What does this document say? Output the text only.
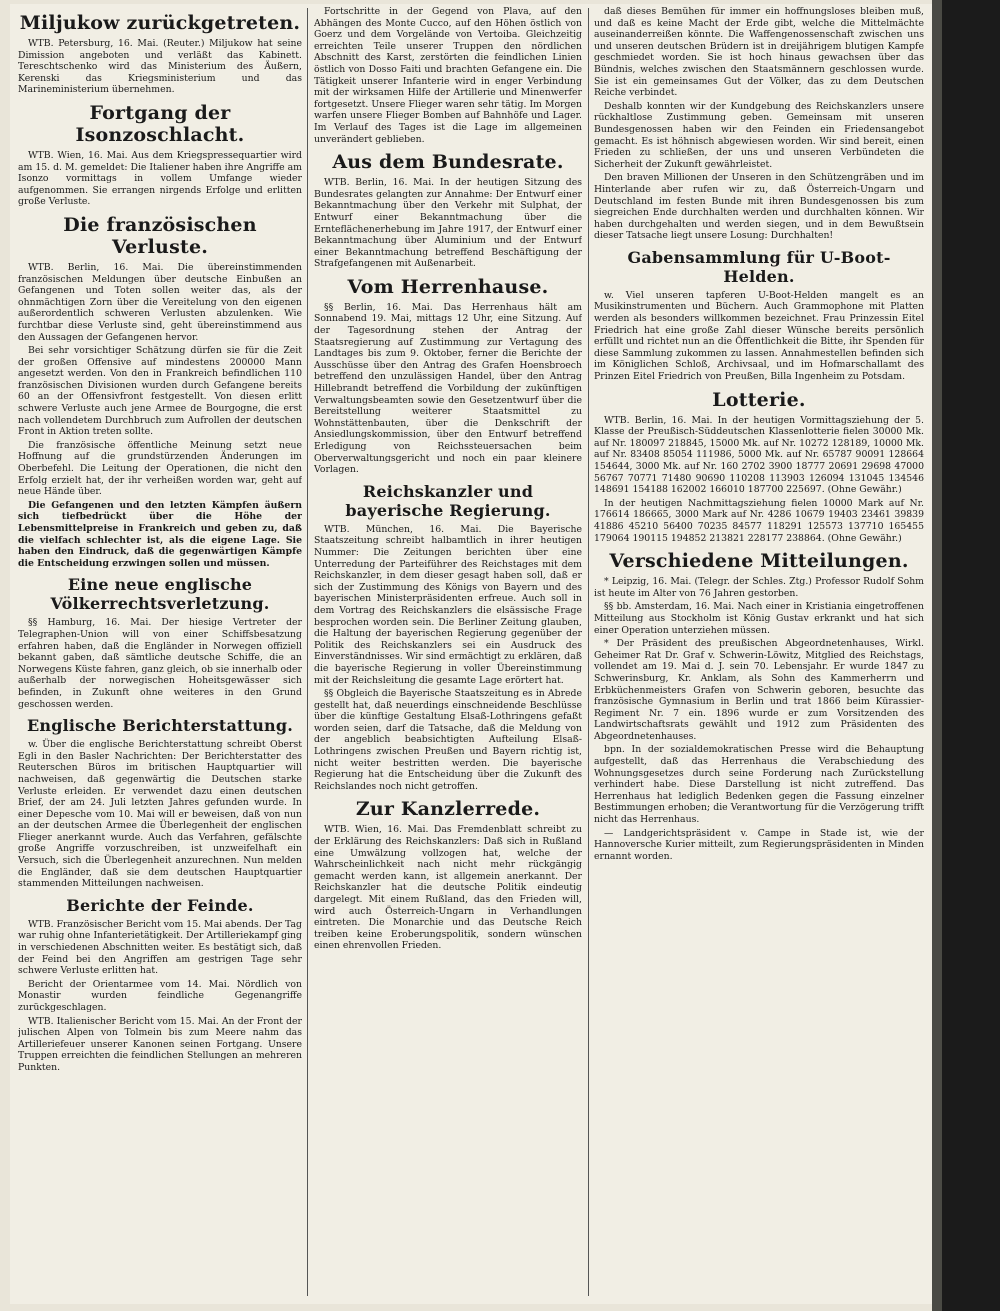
Miljukow zurückgetreten.

WTB. Petersburg, 16. Mai. (Reuter.) Miljukow hat seine Dimission angeboten und verläßt das Kabinett. Tereschtschenko wird das Ministerium des Äußern, Kerenski das Kriegsministerium und das Marineministerium übernehmen.

Fortgang der Isonzoschlacht.

WTB. Wien, 16. Mai. Aus dem Kriegspressequartier wird am 15. d. M. gemeldet: Die Italiener haben ihre Angriffe am Isonzo vormittags in vollem Umfange wieder aufgenommen. Sie errangen nirgends Erfolge und erlitten große Verluste.

Die französischen Verluste.

WTB. Berlin, 16. Mai. Die übereinstimmenden französischen Meldungen über deutsche Einbußen an Gefangenen und Toten sollen weiter das, als der ohnmächtigen Zorn über die Vereitelung von den eigenen außerordentlich schweren Verlusten abzulenken. Wie furchtbar diese Verluste sind, geht übereinstimmend aus den Aussagen der Gefangenen hervor.

Bei sehr vorsichtiger Schätzung dürfen sie für die Zeit der großen Offensive auf mindestens 200000 Mann angesetzt werden. Von den in Frankreich befindlichen 110 französischen Divisionen wurden durch Gefangene bereits 60 an der Offensivfront festgestellt. Von diesen erlitt schwere Verluste auch jene Armee de Bourgogne, die erst nach vollendetem Durchbruch zum Aufrollen der deutschen Front in Aktion treten sollte.

Die französische öffentliche Meinung setzt neue Hoffnung auf die grundstürzenden Änderungen im Oberbefehl. Die Leitung der Operationen, die nicht den Erfolg erzielt hat, der ihr verheißen worden war, geht auf neue Hände über.

Die Gefangenen und den letzten Kämpfen äußern sich tiefbedrückt über die Höhe der Lebensmittelpreise in Frankreich und geben zu, daß die vielfach schlechter ist, als die eigene Lage. Sie haben den Eindruck, daß die gegenwärtigen Kämpfe die Entscheidung erzwingen sollen und müssen.

Eine neue englische Völkerrechtsverletzung.

§§ Hamburg, 16. Mai. Der hiesige Vertreter der Telegraphen-Union will von einer Schiffsbesatzung erfahren haben, daß die Engländer in Norwegen offiziell bekannt gaben, daß sämtliche deutsche Schiffe, die an Norwegens Küste fahren, ganz gleich, ob sie innerhalb oder außerhalb der norwegischen Hoheitsgewässer sich befinden, in Zukunft ohne weiteres in den Grund geschossen werden.

Englische Berichterstattung.

w. Über die englische Berichterstattung schreibt Oberst Egli in den Basler Nachrichten: Der Berichterstatter des Reuterschen Büros im britischen Hauptquartier will nachweisen, daß gegenwärtig die Deutschen starke Verluste erleiden. Er verwendet dazu einen deutschen Brief, der am 24. Juli letzten Jahres gefunden wurde. In einer Depesche vom 10. Mai will er beweisen, daß von nun an der deutschen Armee die Überlegenheit der englischen Flieger anerkannt wurde. Auch das Verfahren, gefälschte große Angriffe vorzuschreiben, ist unzweifelhaft ein Versuch, sich die Überlegenheit anzurechnen. Nun melden die Engländer, daß sie dem deutschen Hauptquartier stammenden Mitteilungen nachweisen.

Berichte der Feinde.

WTB. Französischer Bericht vom 15. Mai abends. Der Tag war ruhig ohne Infanterietätigkeit. Der Artilleriekampf ging in verschiedenen Abschnitten weiter. Es bestätigt sich, daß der Feind bei den Angriffen am gestrigen Tage sehr schwere Verluste erlitten hat.

Bericht der Orientarmee vom 14. Mai. Nördlich von Monastir wurden feindliche Gegenangriffe zurückgeschlagen.

WTB. Italienischer Bericht vom 15. Mai. An der Front der julischen Alpen von Tolmein bis zum Meere nahm das Artilleriefeuer unserer Kanonen seinen Fortgang. Unsere Truppen erreichten die feindlichen Stellungen an mehreren Punkten.

Fortschritte in der Gegend von Plava, auf den Abhängen des Monte Cucco, auf den Höhen östlich von Goerz und dem Vorgelände von Vertoiba. Gleichzeitig erreichten Teile unserer Truppen den nördlichen Abschnitt des Karst, zerstörten die feindlichen Linien östlich von Dosso Faiti und brachten Gefangene ein. Die Tätigkeit unserer Infanterie wird in enger Verbindung mit der wirksamen Hilfe der Artillerie und Minenwerfer fortgesetzt. Unsere Flieger waren sehr tätig. Im Morgen warfen unsere Flieger Bomben auf Bahnhöfe und Lager. Im Verlauf des Tages ist die Lage im allgemeinen unverändert geblieben.

Aus dem Bundesrate.

WTB. Berlin, 16. Mai. In der heutigen Sitzung des Bundesrates gelangten zur Annahme: Der Entwurf einer Bekanntmachung über den Verkehr mit Sulphat, der Entwurf einer Bekanntmachung über die Ernteflächenerhebung im Jahre 1917, der Entwurf einer Bekanntmachung über Aluminium und der Entwurf einer Bekanntmachung betreffend Beschäftigung der Strafgefangenen mit Außenarbeit.

Vom Herrenhause.

§§ Berlin, 16. Mai. Das Herrenhaus hält am Sonnabend 19. Mai, mittags 12 Uhr, eine Sitzung. Auf der Tagesordnung stehen der Antrag der Staatsregierung auf Zustimmung zur Vertagung des Landtages bis zum 9. Oktober, ferner die Berichte der Ausschüsse über den Antrag des Grafen Hoensbroech betreffend den unzulässigen Handel, über den Antrag Hillebrandt betreffend die Vorbildung der zukünftigen Verwaltungsbeamten sowie den Gesetzentwurf über die Bereitstellung weiterer Staatsmittel zu Wohnstättenbauten, über die Denkschrift der Ansiedlungskommission, über den Entwurf betreffend Erledigung von Reichssteuersachen beim Oberverwaltungsgericht und noch ein paar kleinere Vorlagen.

Reichskanzler und bayerische Regierung.

WTB. München, 16. Mai. Die Bayerische Staatszeitung schreibt halbamtlich in ihrer heutigen Nummer: Die Zeitungen berichten über eine Unterredung der Parteiführer des Reichstages mit dem Reichskanzler, in dem dieser gesagt haben soll, daß er sich der Zustimmung des Königs von Bayern und des bayerischen Ministerpräsidenten erfreue. Auch soll in dem Vortrag des Reichskanzlers die elsässische Frage besprochen worden sein. Die Berliner Zeitung glauben, die Haltung der bayerischen Regierung gegenüber der Politik des Reichskanzlers sei ein Ausdruck des Einverständnisses. Wir sind ermächtigt zu erklären, daß die bayerische Regierung in voller Übereinstimmung mit der Reichsleitung die gesamte Lage erörtert hat.

§§ Obgleich die Bayerische Staatszeitung es in Abrede gestellt hat, daß neuerdings einschneidende Beschlüsse über die künftige Gestaltung Elsaß-Lothringens gefaßt worden seien, darf die Tatsache, daß die Meldung von der angeblich beabsichtigten Aufteilung Elsaß-Lothringens zwischen Preußen und Bayern richtig ist, nicht weiter bestritten werden. Die bayerische Regierung hat die Entscheidung über die Zukunft des Reichslandes noch nicht getroffen.

Zur Kanzlerrede.

WTB. Wien, 16. Mai. Das Fremdenblatt schreibt zu der Erklärung des Reichskanzlers: Daß sich in Rußland eine Umwälzung vollzogen hat, welche der Wahrscheinlichkeit nach nicht mehr rückgängig gemacht werden kann, ist allgemein anerkannt. Der Reichskanzler hat die deutsche Politik eindeutig dargelegt. Mit einem Rußland, das den Frieden will, wird auch Österreich-Ungarn in Verhandlungen eintreten. Die Monarchie und das Deutsche Reich treiben keine Eroberungspolitik, sondern wünschen einen ehrenvollen Frieden.

daß dieses Bemühen für immer ein hoffnungsloses bleiben muß, und daß es keine Macht der Erde gibt, welche die Mittelmächte auseinanderreißen könnte. Die Waffengenossenschaft zwischen uns und unseren deutschen Brüdern ist in dreijährigem blutigen Kampfe geschmiedet worden. Sie ist hoch hinaus gewachsen über das Bündnis, welches zwischen den Staatsmännern geschlossen wurde. Sie ist ein gemeinsames Gut der Völker, das zu dem Deutschen Reiche verbindet.

Deshalb konnten wir der Kundgebung des Reichskanzlers unsere rückhaltlose Zustimmung geben. Gemeinsam mit unseren Bundesgenossen haben wir den Feinden ein Friedensangebot gemacht. Es ist höhnisch abgewiesen worden. Wir sind bereit, einen Frieden zu schließen, der uns und unseren Verbündeten die Sicherheit der Zukunft gewährleistet.

Den braven Millionen der Unseren in den Schützengräben und im Hinterlande aber rufen wir zu, daß Österreich-Ungarn und Deutschland im festen Bunde mit ihren Bundesgenossen bis zum siegreichen Ende durchhalten werden und durchhalten können. Wir haben durchgehalten und werden siegen, und in dem Bewußtsein dieser Tatsache liegt unsere Losung: Durchhalten!

Gabensammlung für U-Boot-Helden.

w. Viel unseren tapferen U-Boot-Helden mangelt es an Musikinstrumenten und Büchern. Auch Grammophone mit Platten werden als besonders willkommen bezeichnet. Frau Prinzessin Eitel Friedrich hat eine große Zahl dieser Wünsche bereits persönlich erfüllt und richtet nun an die Öffentlichkeit die Bitte, ihr Spenden für diese Sammlung zukommen zu lassen. Annahmestellen befinden sich im Königlichen Schloß, Archivsaal, und im Hofmarschallamt des Prinzen Eitel Friedrich von Preußen, Billa Ingenheim zu Potsdam.

Lotterie.

WTB. Berlin, 16. Mai. In der heutigen Vormittagsziehung der 5. Klasse der Preußisch-Süddeutschen Klassenlotterie fielen 30000 Mk. auf Nr. 180097 218845, 15000 Mk. auf Nr. 10272 128189, 10000 Mk. auf Nr. 83408 85054 111986, 5000 Mk. auf Nr. 65787 90091 128664 154644, 3000 Mk. auf Nr. 160 2702 3900 18777 20691 29698 47000 56767 70771 71480 90690 110208 113903 126094 131045 134546 148691 154188 162002 166010 187700 225697. (Ohne Gewähr.)

In der heutigen Nachmittagsziehung fielen 10000 Mark auf Nr. 176614 186665, 3000 Mark auf Nr. 4286 10679 19403 23461 39839 41886 45210 56400 70235 84577 118291 125573 137710 165455 179064 190115 194852 213821 228177 238864. (Ohne Gewähr.)

Verschiedene Mitteilungen.

* Leipzig, 16. Mai. (Telegr. der Schles. Ztg.) Professor Rudolf Sohm ist heute im Alter von 76 Jahren gestorben.

§§ bb. Amsterdam, 16. Mai. Nach einer in Kristiania eingetroffenen Mitteilung aus Stockholm ist König Gustav erkrankt und hat sich einer Operation unterziehen müssen.

* Der Präsident des preußischen Abgeordnetenhauses, Wirkl. Geheimer Rat Dr. Graf v. Schwerin-Löwitz, Mitglied des Reichstags, vollendet am 19. Mai d. J. sein 70. Lebensjahr. Er wurde 1847 zu Schwerinsburg, Kr. Anklam, als Sohn des Kammerherrn und Erbküchenmeisters Grafen von Schwerin geboren, besuchte das französische Gymnasium in Berlin und trat 1866 beim Kürassier-Regiment Nr. 7 ein. 1896 wurde er zum Vorsitzenden des Landwirtschaftsrats gewählt und 1912 zum Präsidenten des Abgeordnetenhauses.

bpn. In der sozialdemokratischen Presse wird die Behauptung aufgestellt, daß das Herrenhaus die Verabschiedung des Wohnungsgesetzes durch seine Forderung nach Zurückstellung verhindert habe. Diese Darstellung ist nicht zutreffend. Das Herrenhaus hat lediglich Bedenken gegen die Fassung einzelner Bestimmungen erhoben; die Verantwortung für die Verzögerung trifft nicht das Herrenhaus.

— Landgerichtspräsident v. Campe in Stade ist, wie der Hannoversche Kurier mitteilt, zum Regierungspräsidenten in Minden ernannt worden.
